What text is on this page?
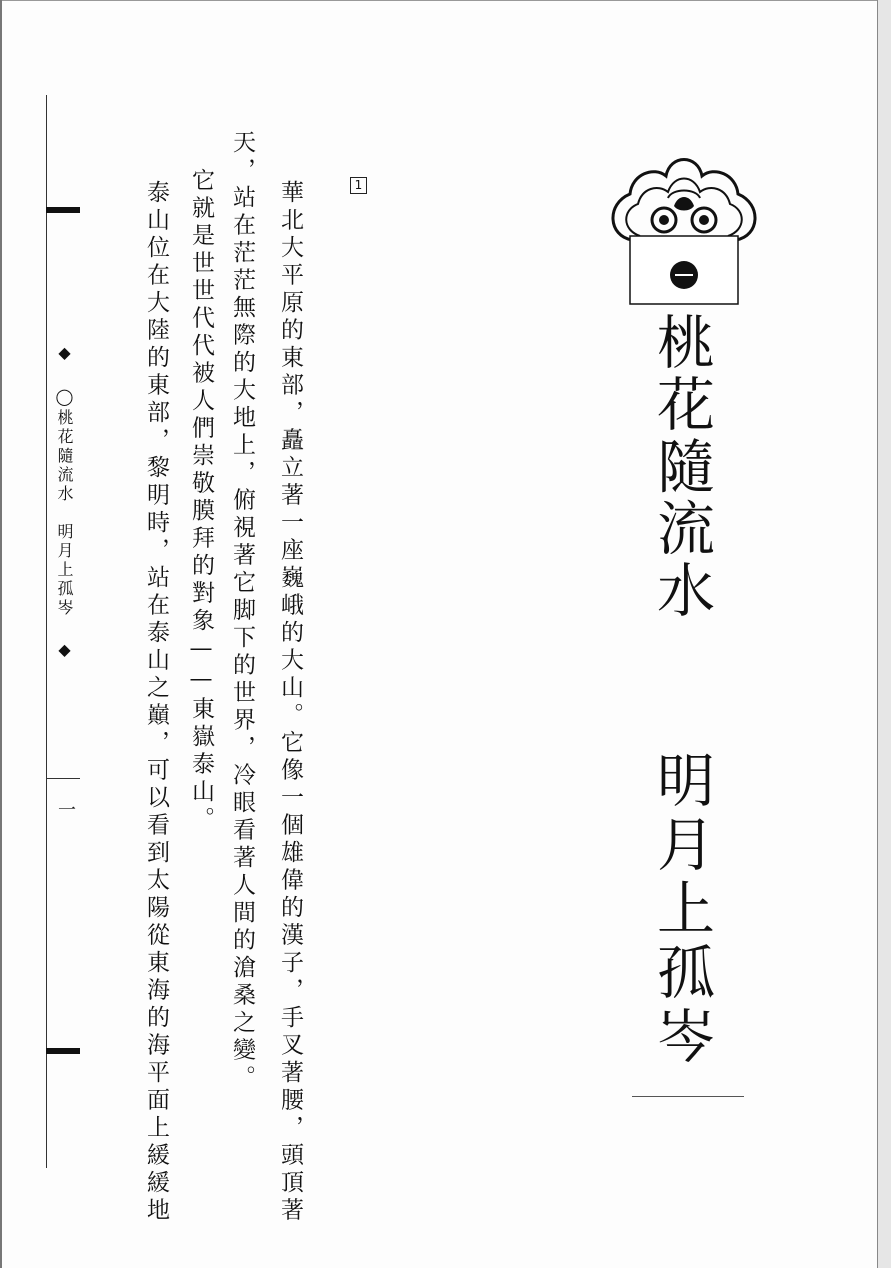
桃花隨流水
明月上孤岑
1
華北大平原的東部，矗立著一座巍峨的大山。它像一個雄偉的漢子，手叉著腰，頭頂著
天，站在茫茫無際的大地上，俯視著它脚下的世界，冷眼看著人間的滄桑之變。
它就是世世代代被人們崇敬膜拜的對象——東嶽泰山。
泰山位在大陸的東部，黎明時，站在泰山之巔，可以看到太陽從東海的海平面上緩緩地
◆ ◯桃花隨流水　明月上孤岑 ◆
一
